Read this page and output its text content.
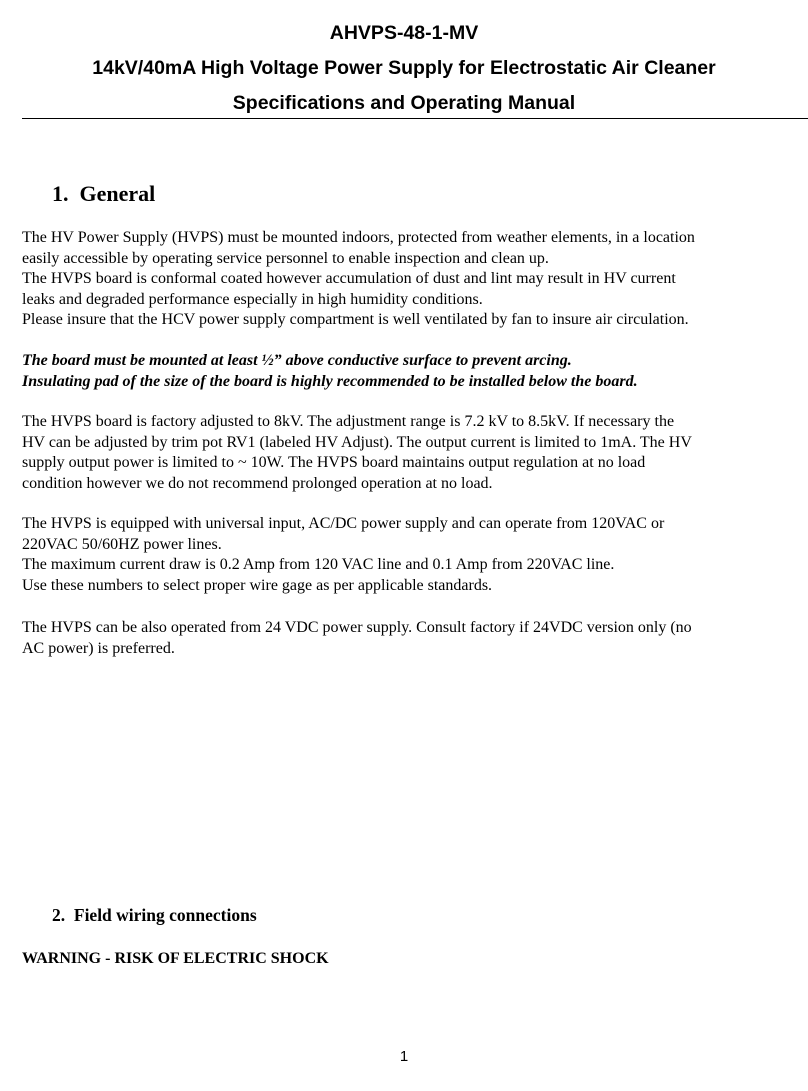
AHVPS-48-1-MV
14kV/40mA High Voltage Power Supply for Electrostatic Air Cleaner
Specifications and Operating Manual
1. General
The HV Power Supply (HVPS) must be mounted indoors, protected from weather elements, in a location
easily accessible by operating service personnel to enable inspection and clean up.
The HVPS board is conformal coated however accumulation of dust and lint may result in HV current
leaks and degraded performance especially in high humidity conditions.
Please insure that the HCV power supply compartment is well ventilated by fan to insure air circulation.
The board must be mounted at least ½” above conductive surface to prevent arcing.
Insulating pad of the size of the board is highly recommended to be installed below the board.
The HVPS board is factory adjusted to 8kV. The adjustment range is 7.2 kV to 8.5kV. If necessary the
HV can be adjusted by trim pot RV1 (labeled HV Adjust). The output current is limited to 1mA. The HV
supply output power is limited to ~ 10W. The HVPS board maintains output regulation at no load
condition however we do not recommend prolonged operation at no load.
The HVPS is equipped with universal input, AC/DC power supply and can operate from 120VAC or
220VAC 50/60HZ power lines.
The maximum current draw is 0.2 Amp from 120 VAC line and 0.1 Amp from 220VAC line.
Use these numbers to select proper wire gage as per applicable standards.
The HVPS can be also operated from 24 VDC power supply. Consult factory if 24VDC version only (no
AC power) is preferred.
2. Field wiring connections
WARNING - RISK OF ELECTRIC SHOCK
1
